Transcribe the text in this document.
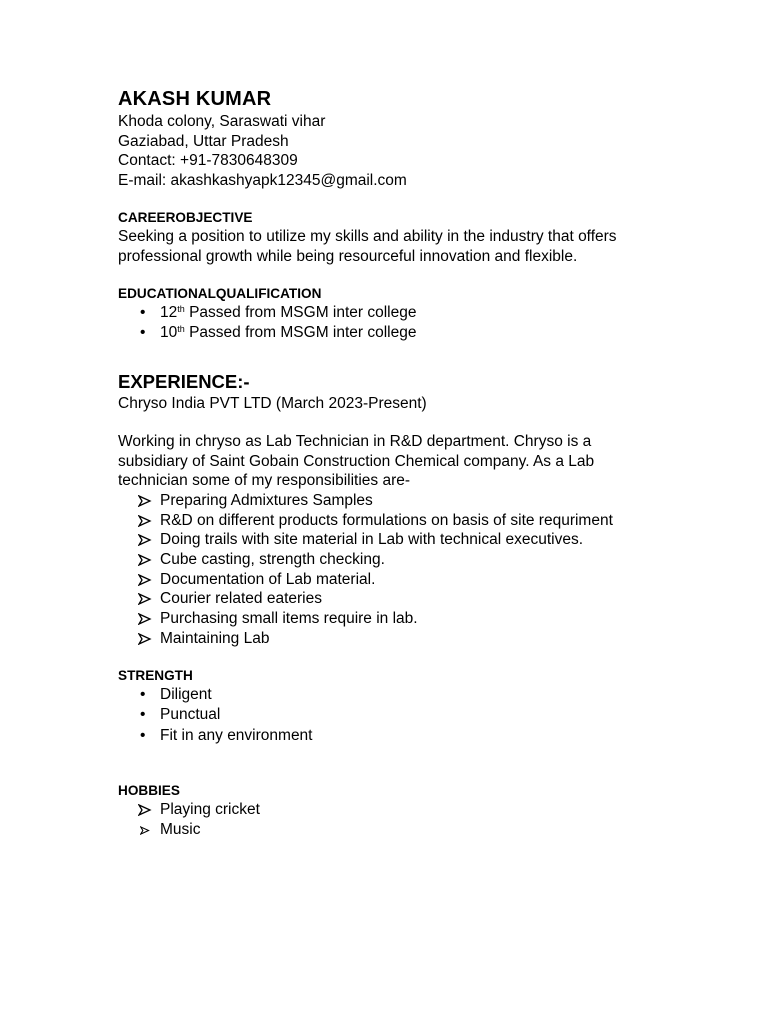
AKASH KUMAR
Khoda colony, Saraswati vihar
Gaziabad, Uttar Pradesh
Contact: +91-7830648309
E-mail: akashkashyapk12345@gmail.com
CAREEROBJECTIVE
Seeking a position to utilize my skills and ability in the industry that offers
professional growth while being resourceful innovation and flexible.
EDUCATIONALQUALIFICATION
• 12th Passed from MSGM inter college
• 10th Passed from MSGM inter college
EXPERIENCE:-
Chryso India PVT LTD (March 2023-Present)
Working in chryso as Lab Technician in R&D department. Chryso is a
subsidiary of Saint Gobain Construction Chemical company. As a Lab
technician some of my responsibilities are-
Preparing Admixtures Samples
R&D on different products formulations on basis of site requriment
Doing trails with site material in Lab with technical executives.
Cube casting, strength checking.
Documentation of Lab material.
Courier related eateries
Purchasing small items require in lab.
Maintaining Lab
STRENGTH
• Diligent
• Punctual
• Fit in any environment
HOBBIES
Playing cricket
Music
